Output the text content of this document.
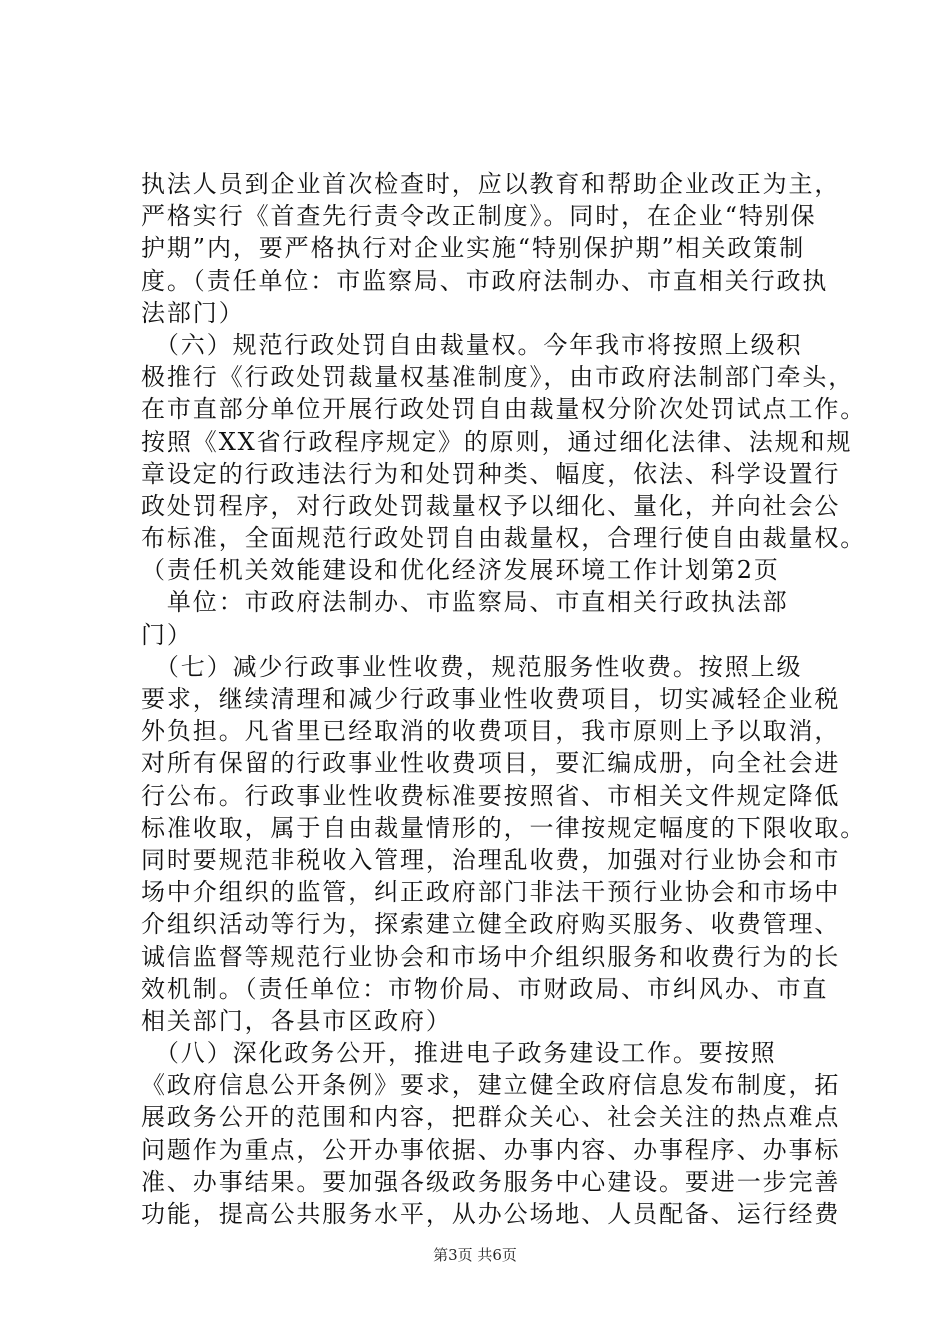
执法人员到企业首次检查时，应以教育和帮助企业改正为主，
严格实行《首查先行责令改正制度》。同时，在企业“特别保
护期”内，要严格执行对企业实施“特别保护期”相关政策制
度。（责任单位：市监察局、市政府法制办、市直相关行政执
法部门）
　（六）规范行政处罚自由裁量权。今年我市将按照上级积
极推行《行政处罚裁量权基准制度》，由市政府法制部门牵头，
在市直部分单位开展行政处罚自由裁量权分阶次处罚试点工作。
按照《XX省行政程序规定》的原则，通过细化法律、法规和规
章设定的行政违法行为和处罚种类、幅度，依法、科学设置行
政处罚程序，对行政处罚裁量权予以细化、量化，并向社会公
布标准，全面规范行政处罚自由裁量权，合理行使自由裁量权。
（责任机关效能建设和优化经济发展环境工作计划第2页
　单位：市政府法制办、市监察局、市直相关行政执法部
门）
　（七）减少行政事业性收费，规范服务性收费。按照上级
要求，继续清理和减少行政事业性收费项目，切实减轻企业税
外负担。凡省里已经取消的收费项目，我市原则上予以取消，
对所有保留的行政事业性收费项目，要汇编成册，向全社会进
行公布。行政事业性收费标准要按照省、市相关文件规定降低
标准收取，属于自由裁量情形的，一律按规定幅度的下限收取。
同时要规范非税收入管理，治理乱收费，加强对行业协会和市
场中介组织的监管，纠正政府部门非法干预行业协会和市场中
介组织活动等行为，探索建立健全政府购买服务、收费管理、
诚信监督等规范行业协会和市场中介组织服务和收费行为的长
效机制。（责任单位：市物价局、市财政局、市纠风办、市直
相关部门，各县市区政府）
　（八）深化政务公开，推进电子政务建设工作。要按照
《政府信息公开条例》要求，建立健全政府信息发布制度，拓
展政务公开的范围和内容，把群众关心、社会关注的热点难点
问题作为重点，公开办事依据、办事内容、办事程序、办事标
准、办事结果。要加强各级政务服务中心建设。要进一步完善
功能，提高公共服务水平，从办公场地、人员配备、运行经费
第3页 共6页
